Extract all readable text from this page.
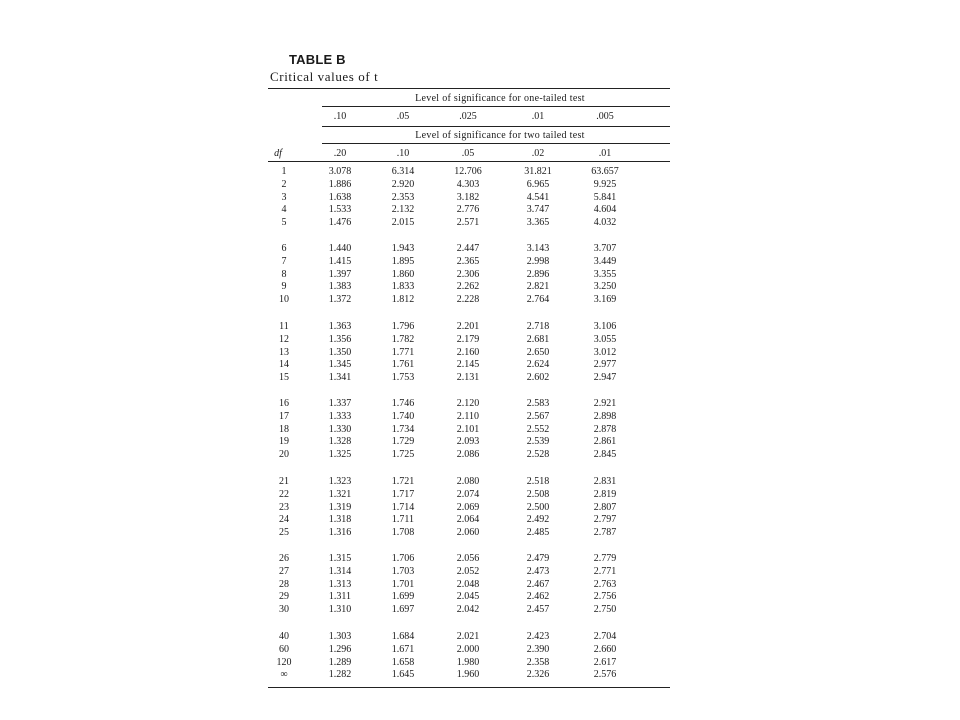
TABLE B
Critical values of t
Level of significance for one-tailed test
.10	.05	.025	.01	.005
Level of significance for two tailed test
df	.20	.10	.05	.02	.01
1	3.078	6.314	12.706	31.821	63.657
2	1.886	2.920	4.303	6.965	9.925
3	1.638	2.353	3.182	4.541	5.841
4	1.533	2.132	2.776	3.747	4.604
5	1.476	2.015	2.571	3.365	4.032
6	1.440	1.943	2.447	3.143	3.707
7	1.415	1.895	2.365	2.998	3.449
8	1.397	1.860	2.306	2.896	3.355
9	1.383	1.833	2.262	2.821	3.250
10	1.372	1.812	2.228	2.764	3.169
11	1.363	1.796	2.201	2.718	3.106
12	1.356	1.782	2.179	2.681	3.055
13	1.350	1.771	2.160	2.650	3.012
14	1.345	1.761	2.145	2.624	2.977
15	1.341	1.753	2.131	2.602	2.947
16	1.337	1.746	2.120	2.583	2.921
17	1.333	1.740	2.110	2.567	2.898
18	1.330	1.734	2.101	2.552	2.878
19	1.328	1.729	2.093	2.539	2.861
20	1.325	1.725	2.086	2.528	2.845
21	1.323	1.721	2.080	2.518	2.831
22	1.321	1.717	2.074	2.508	2.819
23	1.319	1.714	2.069	2.500	2.807
24	1.318	1.711	2.064	2.492	2.797
25	1.316	1.708	2.060	2.485	2.787
26	1.315	1.706	2.056	2.479	2.779
27	1.314	1.703	2.052	2.473	2.771
28	1.313	1.701	2.048	2.467	2.763
29	1.311	1.699	2.045	2.462	2.756
30	1.310	1.697	2.042	2.457	2.750
40	1.303	1.684	2.021	2.423	2.704
60	1.296	1.671	2.000	2.390	2.660
120	1.289	1.658	1.980	2.358	2.617
∞	1.282	1.645	1.960	2.326	2.576
